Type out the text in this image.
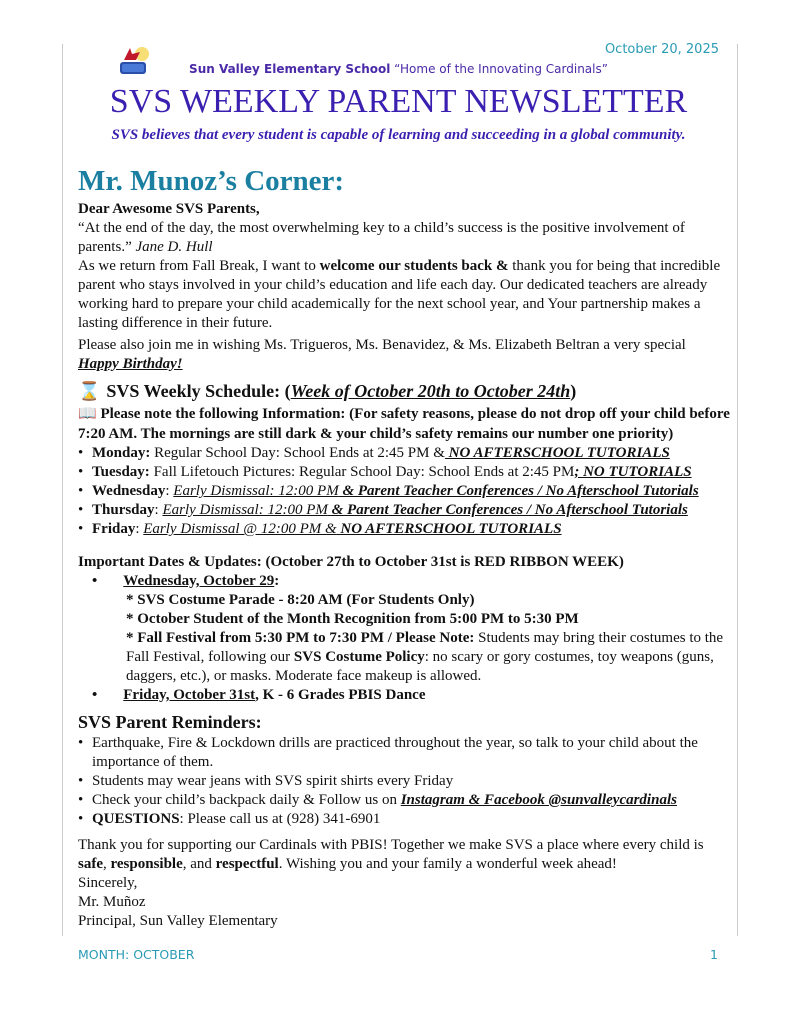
October 20, 2025
Sun Valley Elementary School “Home of the Innovating Cardinals”
SVS WEEKLY PARENT NEWSLETTER
SVS believes that every student is capable of learning and succeeding in a global community.
Mr. Munoz’s Corner:

Dear Awesome SVS Parents,

“At the end of the day, the most overwhelming key to a child’s success is the positive involvement of parents.” Jane D. Hull

As we return from Fall Break, I want to welcome our students back & thank you for being that incredible parent who stays involved in your child’s education and life each day. Our dedicated teachers are already working hard to prepare your child academically for the next school year, and Your partnership makes a lasting difference in their future.

Please also join me in wishing Ms. Trigueros, Ms. Benavidez, & Ms. Elizabeth Beltran a very special Happy Birthday!

⌛ SVS Weekly Schedule: ( Week of October 20th to October 24th )

📖 Please note the following Information: (For safety reasons, please do not drop off your child before 7:20 AM. The mornings are still dark & your child’s safety remains our number one priority)

• Monday: Regular School Day: School Ends at 2:45 PM & NO AFTERSCHOOL TUTORIALS
• Tuesday: Fall Lifetouch Pictures: Regular School Day: School Ends at 2:45 PM; NO TUTORIALS
• Wednesday: Early Dismissal: 12:00 PM & Parent Teacher Conferences / No Afterschool Tutorials
• Thursday: Early Dismissal: 12:00 PM & Parent Teacher Conferences / No Afterschool Tutorials
• Friday: Early Dismissal @ 12:00 PM & NO AFTERSCHOOL TUTORIALS

Important Dates & Updates: (October 27th to October 31st is RED RIBBON WEEK)

• Wednesday, October 29:

* SVS Costume Parade - 8:20 AM (For Students Only)

* October Student of the Month Recognition from 5:00 PM to 5:30 PM

* Fall Festival from 5:30 PM to 7:30 PM / Please Note: Students may bring their costumes to the Fall Festival, following our SVS Costume Policy: no scary or gory costumes, toy weapons (guns, daggers, etc.), or masks. Moderate face makeup is allowed.

• Friday, October 31st, K - 6 Grades PBIS Dance

SVS Parent Reminders:
• Earthquake, Fire & Lockdown drills are practiced throughout the year, so talk to your child about the importance of them.
• Students may wear jeans with SVS spirit shirts every Friday
• Check your child’s backpack daily & Follow us on Instagram & Facebook @sunvalleycardinals
• QUESTIONS: Please call us at (928) 341-6901

Thank you for supporting our Cardinals with PBIS! Together we make SVS a place where every child is safe, responsible, and respectful. Wishing you and your family a wonderful week ahead!

Sincerely,

Mr. Muñoz

Principal, Sun Valley Elementary

MONTH: OCTOBER	1
